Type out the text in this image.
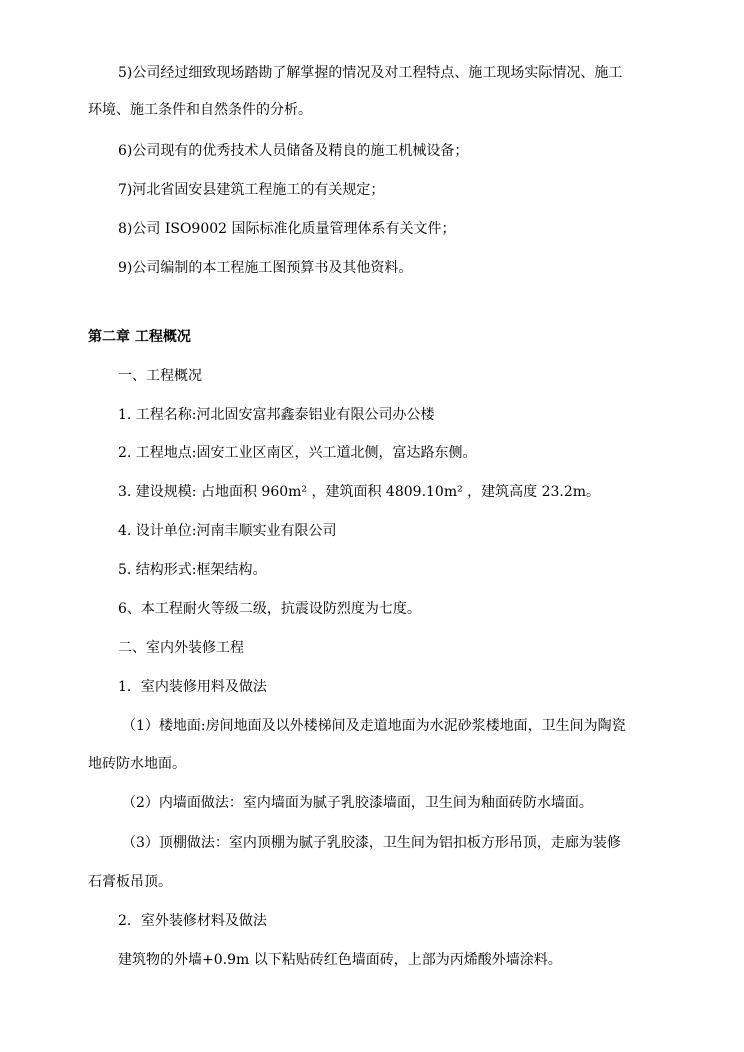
5)公司经过细致现场踏勘了解掌握的情况及对工程特点、施工现场实际情况、施工
环境、施工条件和自然条件的分析。
6)公司现有的优秀技术人员储备及精良的施工机械设备；
7)河北省固安县建筑工程施工的有关规定；
8)公司 ISO9002 国际标准化质量管理体系有关文件；
9)公司编制的本工程施工图预算书及其他资料。
第二章 工程概况
一、工程概况
1. 工程名称:河北固安富邦鑫泰铝业有限公司办公楼
2. 工程地点:固安工业区南区，兴工道北侧，富达路东侧。
3. 建设规模: 占地面积 960m² ，建筑面积 4809.10m² ，建筑高度 23.2m。
4. 设计单位:河南丰顺实业有限公司
5. 结构形式:框架结构。
6、本工程耐火等级二级，抗震设防烈度为七度。
二、室内外装修工程
1．室内装修用料及做法
（1）楼地面:房间地面及以外楼梯间及走道地面为水泥砂浆楼地面，卫生间为陶瓷
地砖防水地面。
（2）内墙面做法：室内墙面为腻子乳胶漆墙面，卫生间为釉面砖防水墙面。
（3）顶棚做法：室内顶棚为腻子乳胶漆，卫生间为铝扣板方形吊顶，走廊为装修
石膏板吊顶。
2．室外装修材料及做法
建筑物的外墙+0.9m 以下粘贴砖红色墙面砖，上部为丙烯酸外墙涂料。
